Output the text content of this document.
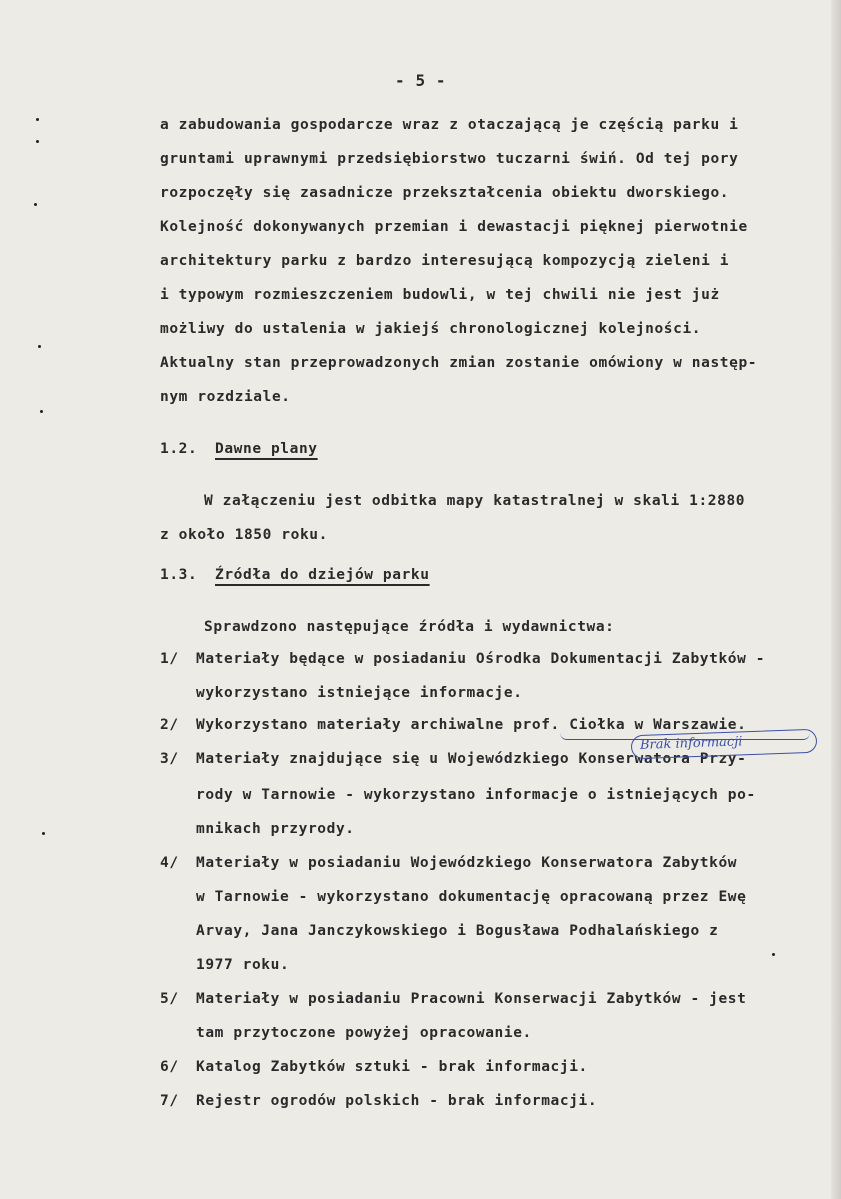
- 5 -
a zabudowania gospodarcze wraz z otaczającą je częścią parku i
gruntami uprawnymi przedsiębiorstwo tuczarni świń. Od tej pory
rozpoczęły się zasadnicze przekształcenia obiektu dworskiego.
Kolejność dokonywanych przemian i dewastacji pięknej pierwotnie
architektury parku z bardzo interesującą kompozycją zieleni i
i typowym rozmieszczeniem budowli, w tej chwili nie jest już
możliwy do ustalenia w jakiejś chronologicznej kolejności.
Aktualny stan przeprowadzonych zmian zostanie omówiony w następ-
nym rozdziale.
1.2. Dawne plany
W załączeniu jest odbitka mapy katastralnej w skali 1:2880
z około 1850 roku.
1.3. Źródła do dziejów parku
Sprawdzono następujące źródła i wydawnictwa:
1/ Materiały będące w posiadaniu Ośrodka Dokumentacji Zabytków -
wykorzystano istniejące informacje.
2/ Wykorzystano materiały archiwalne prof. Ciołka w Warszawie.
3/ Materiały znajdujące się u Wojewódzkiego Konserwatora Przy-
rody w Tarnowie - wykorzystano informacje o istniejących po-
mnikach przyrody.
4/ Materiały w posiadaniu Wojewódzkiego Konserwatora Zabytków
w Tarnowie - wykorzystano dokumentację opracowaną przez Ewę
Arvay, Jana Janczykowskiego i Bogusława Podhalańskiego z
1977 roku.
5/ Materiały w posiadaniu Pracowni Konserwacji Zabytków - jest
tam przytoczone powyżej opracowanie.
6/ Katalog Zabytków sztuki - brak informacji.
7/ Rejestr ogrodów polskich - brak informacji.
Brak informacji
